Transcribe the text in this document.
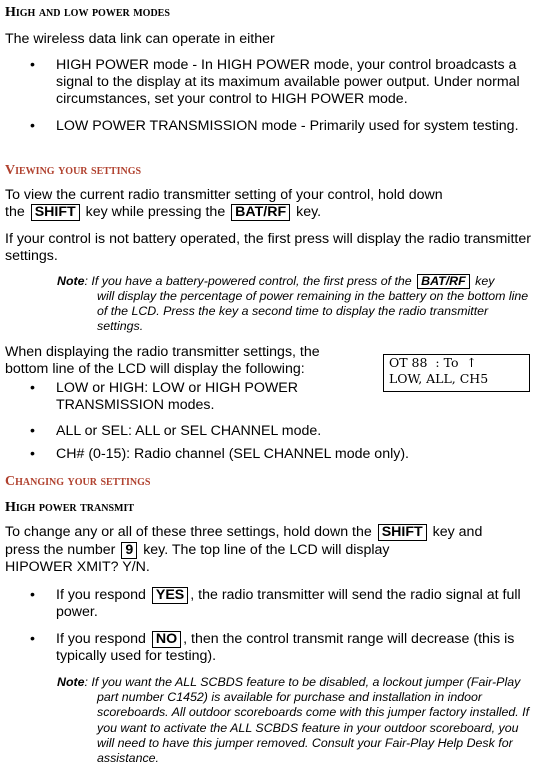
High and low power modes
The wireless data link can operate in either
• HIGH POWER mode - In HIGH POWER mode, your control broadcasts a signal to the display at its maximum available power output. Under normal circumstances, set your control to HIGH POWER mode.
• LOW POWER TRANSMISSION mode - Primarily used for system testing.
Viewing your settings
To view the current radio transmitter setting of your control, hold down
the SHIFT key while pressing the BAT/RF key.
If your control is not battery operated, the first press will display the radio transmitter settings.
Note: If you have a battery-powered control, the first press of the BAT/RF key
will display the percentage of power remaining in the battery on the bottom line of the LCD. Press the key a second time to display the radio transmitter settings.
When displaying the radio transmitter settings, the bottom line of the LCD will display the following:	OT 88  : To  ↑
LOW, ALL, CH5
• LOW or HIGH: LOW or HIGH POWER TRANSMISSION modes.
• ALL or SEL: ALL or SEL CHANNEL mode.
• CH# (0-15): Radio channel (SEL CHANNEL mode only).
Changing your settings
High power transmit
To change any or all of these three settings, hold down the SHIFT key and
press the number 9 key. The top line of the LCD will display
HIPOWER XMIT? Y/N.
• If you respond YES , the radio transmitter will send the radio signal at full power.
• If you respond NO , then the control transmit range will decrease (this is typically used for testing).
Note: If you want the ALL SCBDS feature to be disabled, a lockout jumper (Fair-Play part number C1452) is available for purchase and installation in indoor scoreboards. All outdoor scoreboards come with this jumper factory installed. If you want to activate the ALL SCBDS feature in your outdoor scoreboard, you will need to have this jumper removed. Consult your Fair-Play Help Desk for assistance.
